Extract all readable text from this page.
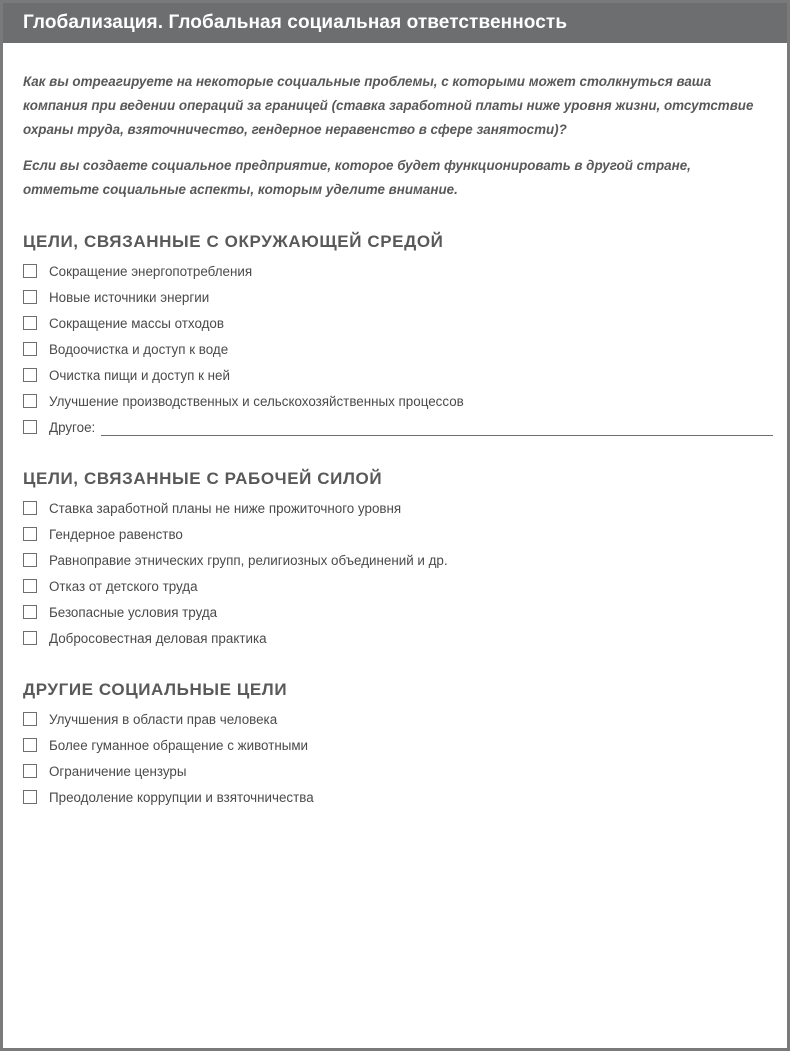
Глобализация. Глобальная социальная ответственность

Как вы отреагируете на некоторые социальные проблемы, с которыми может столкнуться ваша компания при ведении операций за границей (ставка заработной платы ниже уровня жизни, отсутствие охраны труда, взяточничество, гендерное неравенство в сфере занятости)?

Если вы создаете социальное предприятие, которое будет функционировать в другой стране, отметьте социальные аспекты, которым уделите внимание.

ЦЕЛИ, СВЯЗАННЫЕ С ОКРУЖАЮЩЕЙ СРЕДОЙ
Сокращение энергопотребления
Новые источники энергии
Сокращение массы отходов
Водоочистка и доступ к воде
Очистка пищи и доступ к ней
Улучшение производственных и сельскохозяйственных процессов
Другое:
ЦЕЛИ, СВЯЗАННЫЕ С РАБОЧЕЙ СИЛОЙ
Ставка заработной планы не ниже прожиточного уровня
Гендерное равенство
Равноправие этнических групп, религиозных объединений и др.
Отказ от детского труда
Безопасные условия труда
Добросовестная деловая практика
ДРУГИЕ СОЦИАЛЬНЫЕ ЦЕЛИ
Улучшения в области прав человека
Более гуманное обращение с животными
Ограничение цензуры
Преодоление коррупции и взяточничества
